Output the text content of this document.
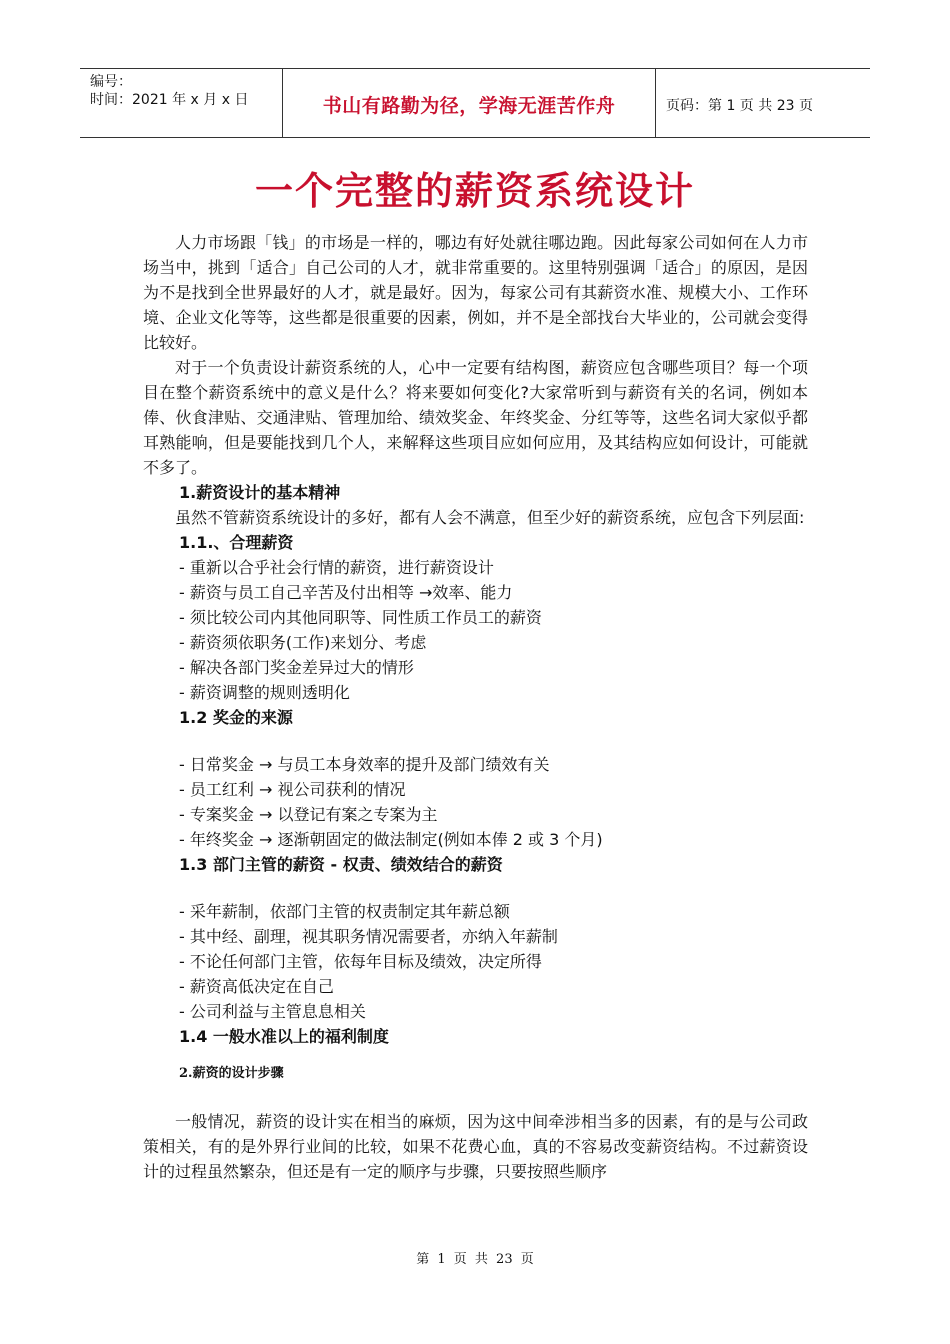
编号：
时间：2021 年 x 月 x 日	书山有路勤为径，学海无涯苦作舟	页码：第 1 页 共 23 页
一个完整的薪资系统设计

人力市场跟「钱」的市场是一样的，哪边有好处就往哪边跑。因此每家公司如何在人力市场当中，挑到「适合」自己公司的人才，就非常重要的。这里特别强调「适合」的原因，是因为不是找到全世界最好的人才，就是最好。因为，每家公司有其薪资水准、规模大小、工作环境、企业文化等等，这些都是很重要的因素，例如，并不是全部找台大毕业的，公司就会变得比较好。

对于一个负责设计薪资系统的人，心中一定要有结构图，薪资应包含哪些项目？每一个项目在整个薪资系统中的意义是什么？将来要如何变化?大家常听到与薪资有关的名词，例如本俸、伙食津贴、交通津贴、管理加给、绩效奖金、年终奖金、分红等等，这些名词大家似乎都耳熟能响，但是要能找到几个人，来解释这些项目应如何应用，及其结构应如何设计，可能就不多了。

1.薪资设计的基本精神

虽然不管薪资系统设计的多好，都有人会不满意，但至少好的薪资系统，应包含下列层面:

1.1.、合理薪资

- 重新以合乎社会行情的薪资，进行薪资设计

- 薪资与员工自己辛苦及付出相等 →效率、能力

- 须比较公司内其他同职等、同性质工作员工的薪资

- 薪资须依职务(工作)来划分、考虑

- 解决各部门奖金差异过大的情形

- 薪资调整的规则透明化

1.2 奖金的来源

- 日常奖金 → 与员工本身效率的提升及部门绩效有关

- 员工红利 → 视公司获利的情况

- 专案奖金 → 以登记有案之专案为主

- 年终奖金 → 逐渐朝固定的做法制定(例如本俸 2 或 3 个月)

1.3 部门主管的薪资 - 权责、绩效结合的薪资

- 采年薪制，依部门主管的权责制定其年薪总额

- 其中经、副理，视其职务情况需要者，亦纳入年薪制

- 不论任何部门主管，依每年目标及绩效，决定所得

- 薪资高低决定在自己

- 公司利益与主管息息相关

1.4 一般水准以上的福利制度

2.薪资的设计步骤

一般情况，薪资的设计实在相当的麻烦，因为这中间牵涉相当多的因素，有的是与公司政策相关，有的是外界行业间的比较，如果不花费心血，真的不容易改变薪资结构。不过薪资设计的过程虽然繁杂，但还是有一定的顺序与步骤，只要按照些顺序

第 1 页 共 23 页
